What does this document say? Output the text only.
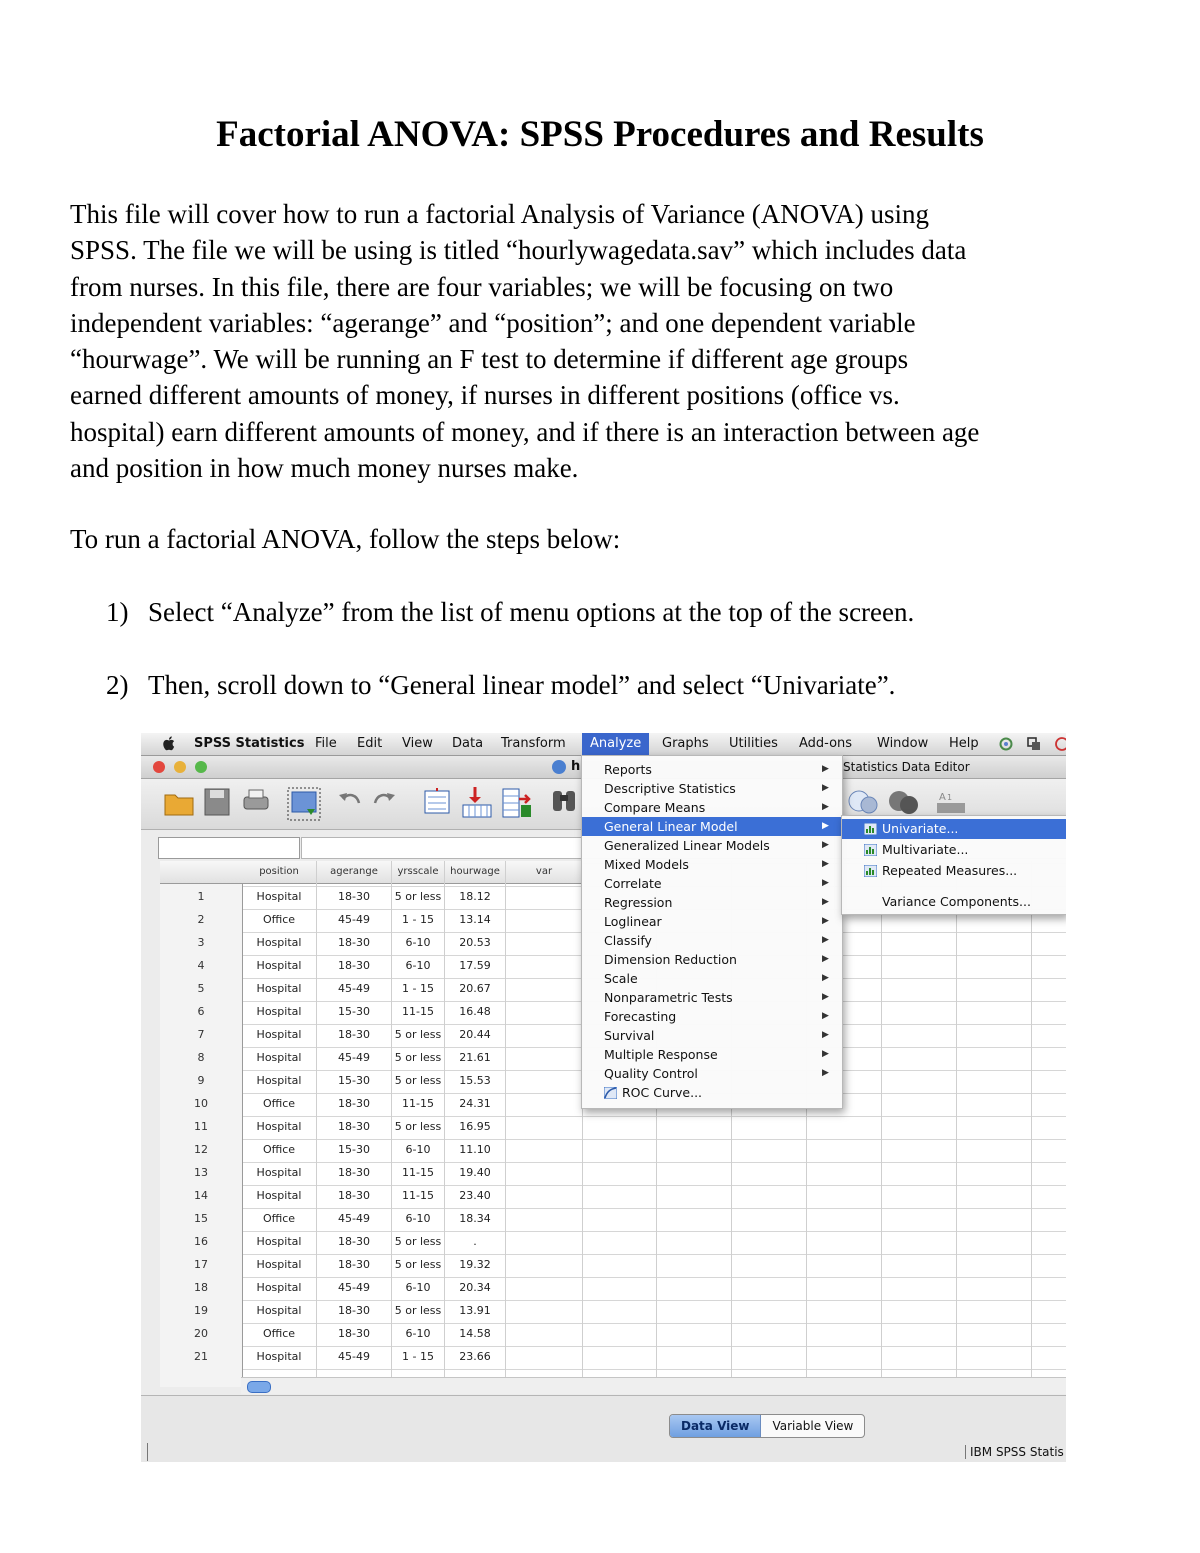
Factorial ANOVA: SPSS Procedures and Results
This file will cover how to run a factorial Analysis of Variance (ANOVA) using
SPSS. The file we will be using is titled “hourlywagedata.sav” which includes data
from nurses. In this file, there are four variables; we will be focusing on two
independent variables: “agerange” and “position”; and one dependent variable
“hourwage”. We will be running an F test to determine if different age groups
earned different amounts of money, if nurses in different positions (office vs.
hospital) earn different amounts of money, and if there is an interaction between age
and position in how much money nurses make.

To run a factorial ANOVA, follow the steps below:

1) Select “Analyze” from the list of menu options at the top of the screen.
2) Then, scroll down to “General linear model” and select “Univariate”.
SPSS Statistics File Edit View Data Transform	Analyze	Graphs Utilities Add-ons Window Help
h	Statistics Data Editor
A 1
position	agerange	yrsscale	hourwage	var
1	Hospital	18-30	5 or less	18.12
2	Office	45-49	1 - 15	13.14
3	Hospital	18-30	6-10	20.53
4	Hospital	18-30	6-10	17.59
5	Hospital	45-49	1 - 15	20.67
6	Hospital	15-30	11-15	16.48
7	Hospital	18-30	5 or less	20.44
8	Hospital	45-49	5 or less	21.61
9	Hospital	15-30	5 or less	15.53
10	Office	18-30	11-15	24.31
11	Hospital	18-30	5 or less	16.95
12	Office	15-30	6-10	11.10
13	Hospital	18-30	11-15	19.40
14	Hospital	18-30	11-15	23.40
15	Office	45-49	6-10	18.34
16	Hospital	18-30	5 or less	.
17	Hospital	18-30	5 or less	19.32
18	Hospital	45-49	6-10	20.34
19	Hospital	18-30	5 or less	13.91
20	Office	18-30	6-10	14.58
21	Hospital	45-49	1 - 15	23.66
Data View	Variable View
IBM SPSS Statis
Reports	▶
Descriptive Statistics	▶
Compare Means	▶
General Linear Model	▶
Generalized Linear Models	▶
Mixed Models	▶
Correlate	▶
Regression	▶
Loglinear	▶
Classify	▶
Dimension Reduction	▶
Scale	▶
Nonparametric Tests	▶
Forecasting	▶
Survival	▶
Multiple Response	▶
Quality Control	▶
ROC Curve...
Univariate...
Multivariate...
Repeated Measures...
Variance Components...
